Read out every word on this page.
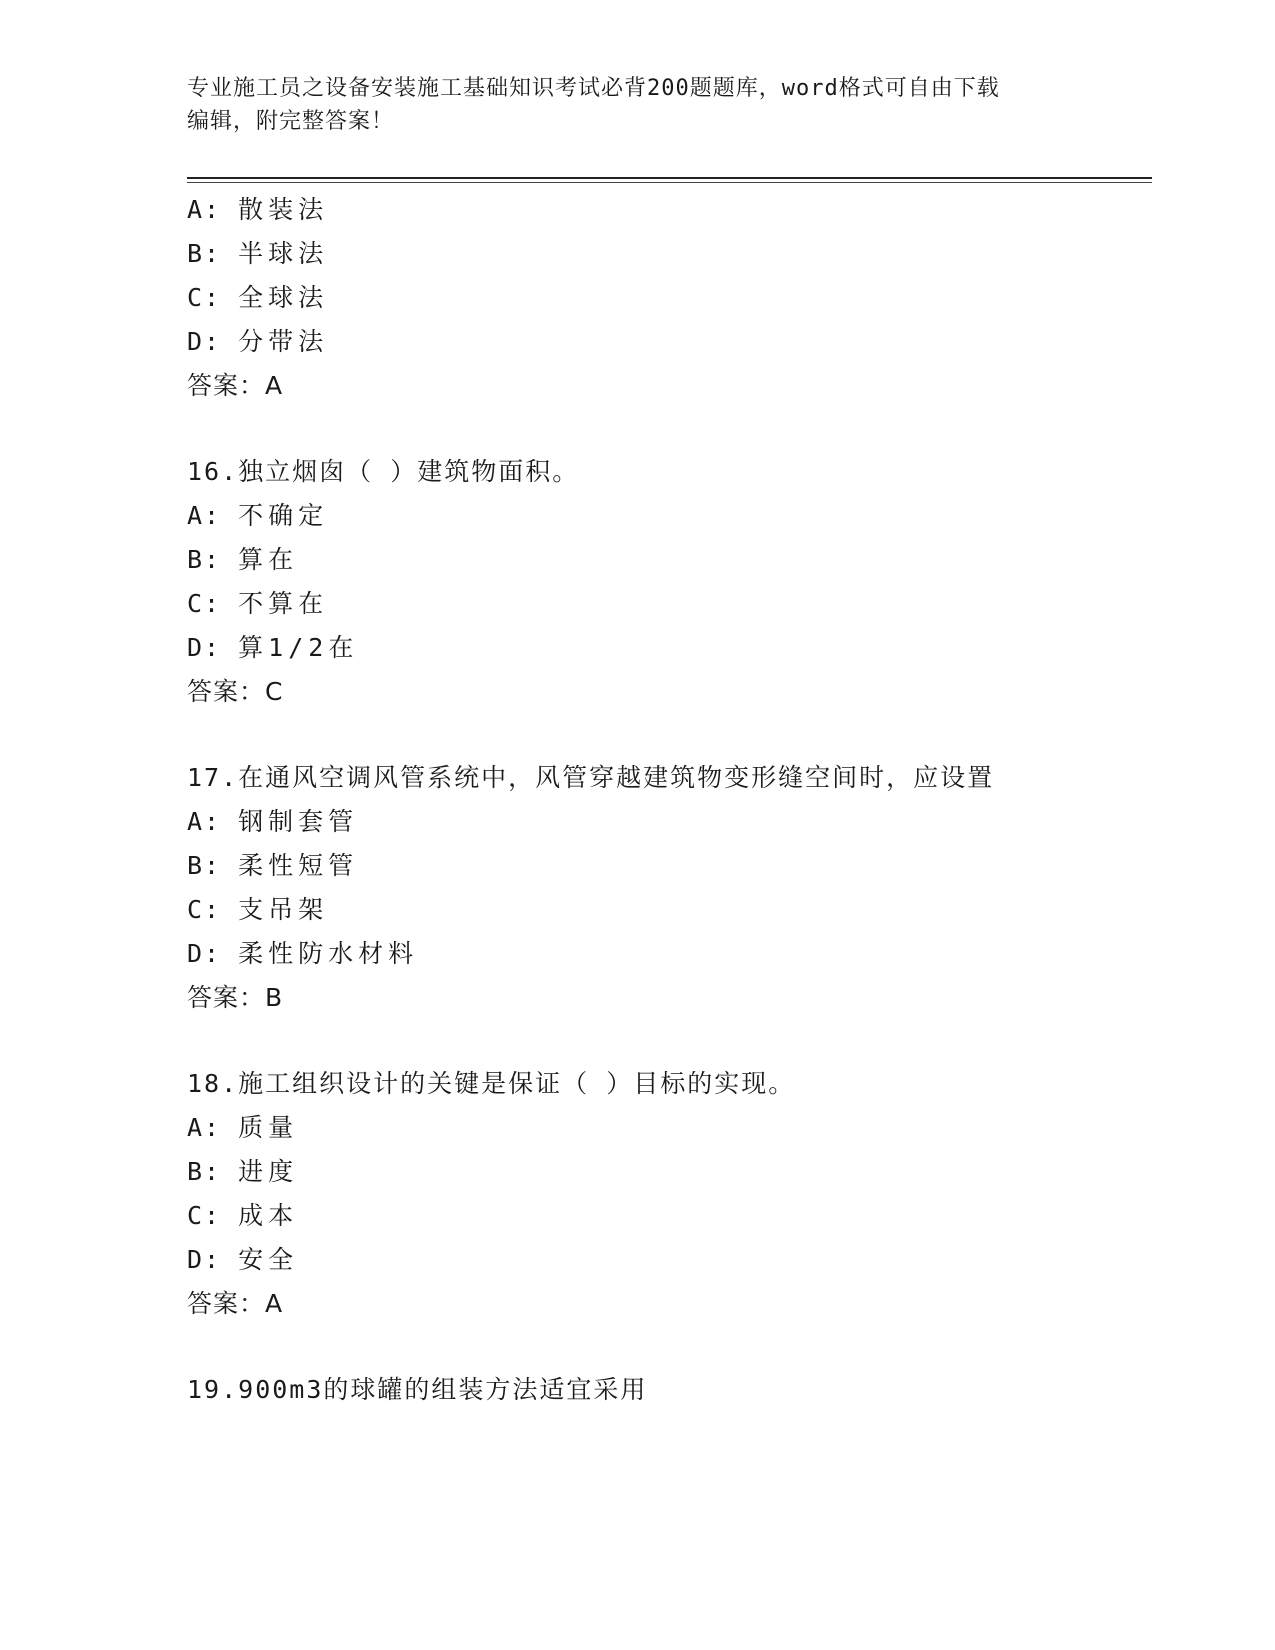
专业施工员之设备安装施工基础知识考试必背200题题库，word格式可自由下载
编辑，附完整答案！
A: 散装法
B: 半球法
C: 全球法
D: 分带法
答案：A
16.独立烟囱（ ）建筑物面积。
A: 不确定
B: 算在
C: 不算在
D: 算1/2在
答案：C
17.在通风空调风管系统中，风管穿越建筑物变形缝空间时，应设置
A: 钢制套管
B: 柔性短管
C: 支吊架
D: 柔性防水材料
答案：B
18.施工组织设计的关键是保证（ ）目标的实现。
A: 质量
B: 进度
C: 成本
D: 安全
答案：A
19.900m3的球罐的组装方法适宜采用
